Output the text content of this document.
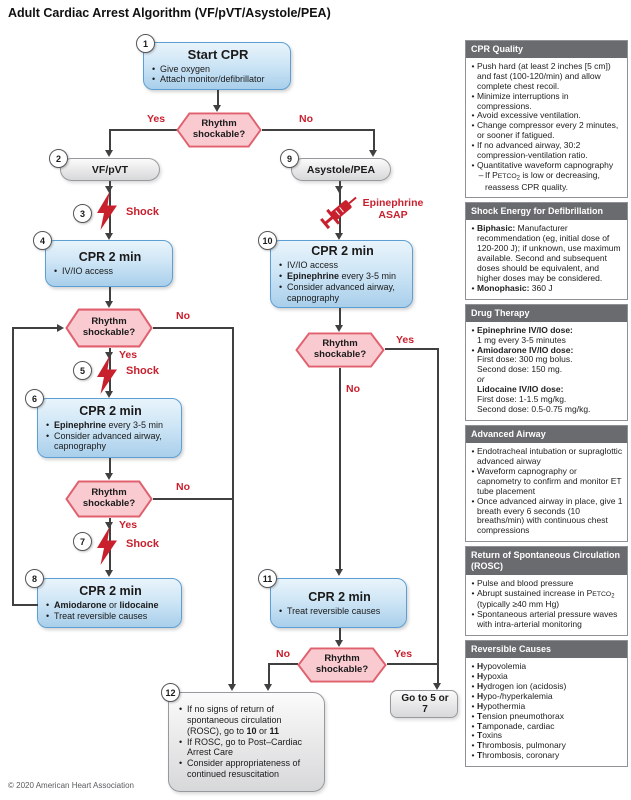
Adult Cardiac Arrest Algorithm (VF/pVT/Asystole/PEA)
Start CPR
• Give oxygen
• Attach monitor/defibrillator
1
Rhythm
shockable?
Yes	No
VF/pVT
2
Asystole/PEA
9
3	Shock
Epinephrine
ASAP
CPR 2 min
• IV/IO access
4
CPR 2 min
• IV/IO access
• Epinephrine every 3-5 min
• Consider advanced airway, capnography
10
Rhythm
shockable?
No
Yes
5	Shock
CPR 2 min
• Epinephrine every 3-5 min
• Consider advanced airway, capnography
6
Rhythm
shockable?
No
Yes
7	Shock
CPR 2 min
• Amiodarone or lidocaine
• Treat reversible causes
8
Rhythm
shockable?
Yes
No
CPR 2 min
• Treat reversible causes
11
Rhythm
shockable?
No	Yes
Go to 5 or 7
• If no signs of return of spontaneous circulation (ROSC), go to 10 or 11
• If ROSC, go to Post–Cardiac Arrest Care
• Consider appropriateness of continued resuscitation
12
CPR Quality
• Push hard (at least 2 inches [5 cm]) and fast (100-120/min) and allow complete chest recoil.
• Minimize interruptions in compressions.
• Avoid excessive ventilation.
• Change compressor every 2 minutes, or sooner if fatigued.
• If no advanced airway, 30:2 compression-ventilation ratio.
• Quantitative waveform capnography
– If PETCO2 is low or decreasing, reassess CPR quality.
Shock Energy for Defibrillation
• Biphasic: Manufacturer recommendation (eg, initial dose of 120-200 J); if unknown, use maximum available. Second and subsequent doses should be equivalent, and higher doses may be considered.
• Monophasic: 360 J
Drug Therapy
• Epinephrine IV/IO dose:
1 mg every 3-5 minutes
• Amiodarone IV/IO dose:
First dose: 300 mg bolus.
Second dose: 150 mg.
or
Lidocaine IV/IO dose:
First dose: 1-1.5 mg/kg.
Second dose: 0.5-0.75 mg/kg.
Advanced Airway
• Endotracheal intubation or supraglottic advanced airway
• Waveform capnography or capnometry to confirm and monitor ET tube placement
• Once advanced airway in place, give 1 breath every 6 seconds (10 breaths/min) with continuous chest compressions
Return of Spontaneous Circulation (ROSC)
• Pulse and blood pressure
• Abrupt sustained increase in PETCO2 (typically ≥40 mm Hg)
• Spontaneous arterial pressure waves with intra-arterial monitoring
Reversible Causes
• Hypovolemia
• Hypoxia
• Hydrogen ion (acidosis)
• Hypo-/hyperkalemia
• Hypothermia
• Tension pneumothorax
• Tamponade, cardiac
• Toxins
• Thrombosis, pulmonary
• Thrombosis, coronary
© 2020 American Heart Association
